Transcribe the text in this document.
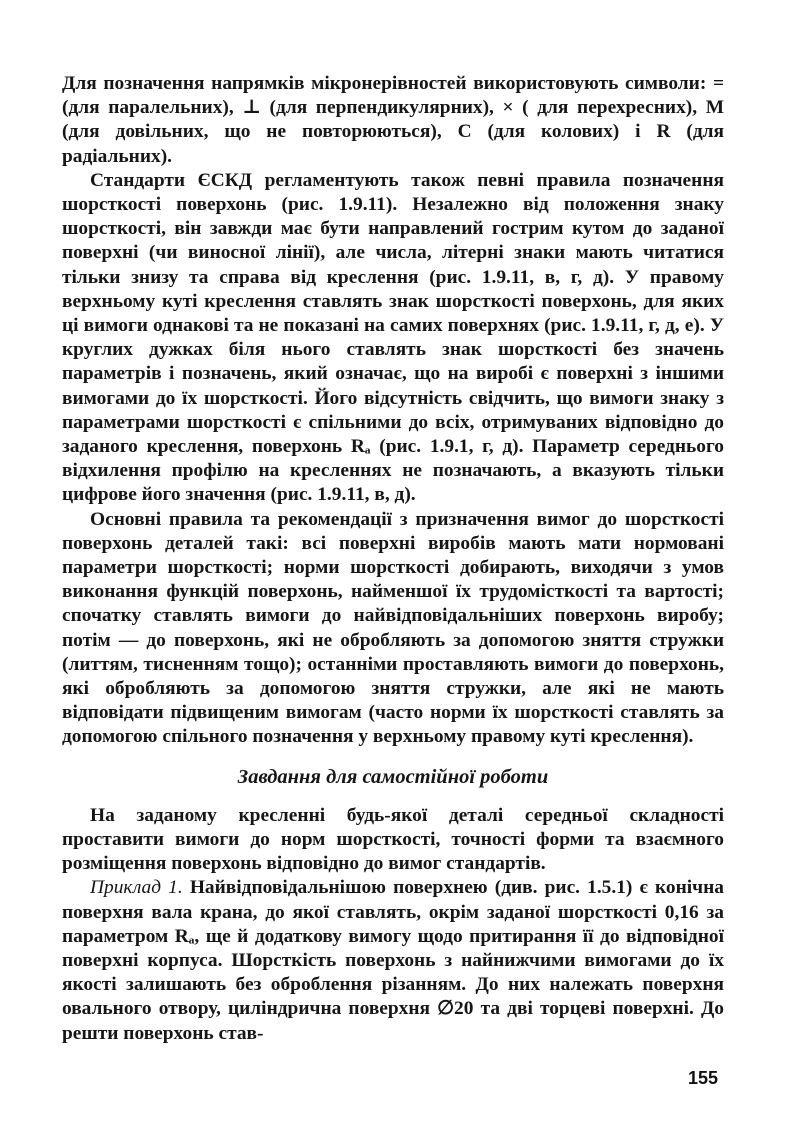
Для позначення напрямків мікронерівностей використовують символи: = (для паралельних), ⊥ (для перпендикулярних), × ( для перехресних), M (для довільних, що не повторюються), C (для колових) і R (для радіальних).

Стандарти ЄСКД регламентують також певні правила позначення шорсткості поверхонь (рис. 1.9.11). Незалежно від положення знаку шорсткості, він завжди має бути направлений гострим кутом до заданої поверхні (чи виносної лінії), але числа, літерні знаки мають читатися тільки знизу та справа від креслення (рис. 1.9.11, в, г, д). У правому верхньому куті креслення ставлять знак шорсткості поверхонь, для яких ці вимоги однакові та не показані на самих поверхнях (рис. 1.9.11, г, д, е). У круглих дужках біля нього ставлять знак шорсткості без значень параметрів і позначень, який означає, що на виробі є поверхні з іншими вимогами до їх шорсткості. Його відсутність свідчить, що вимоги знаку з параметрами шорсткості є спільними до всіх, отримуваних відповідно до заданого креслення, поверхонь Rₐ (рис. 1.9.1, г, д). Параметр середнього відхилення профілю на кресленнях не позначають, а вказують тільки цифрове його значення (рис. 1.9.11, в, д).

Основні правила та рекомендації з призначення вимог до шорсткості поверхонь деталей такі: всі поверхні виробів мають мати нормовані параметри шорсткості; норми шорсткості добирають, виходячи з умов виконання функцій поверхонь, найменшої їх трудомісткості та вартості; спочатку ставлять вимоги до найвідповідальніших поверхонь виробу; потім — до поверхонь, які не обробляють за допомогою зняття стружки (литтям, тисненням тощо); останніми проставляють вимоги до поверхонь, які обробляють за допомогою зняття стружки, але які не мають відповідати підвищеним вимогам (часто норми їх шорсткості ставлять за допомогою спільного позначення у верхньому правому куті креслення).

Завдання для самостійної роботи

На заданому кресленні будь-якої деталі середньої складності проставити вимоги до норм шорсткості, точності форми та взаємного розміщення поверхонь відповідно до вимог стандартів.

Приклад 1. Найвідповідальнішою поверхнею (див. рис. 1.5.1) є конічна поверхня вала крана, до якої ставлять, окрім заданої шорсткості 0,16 за параметром Rₐ, ще й додаткову вимогу щодо притирання її до відповідної поверхні корпуса. Шорсткість поверхонь з найнижчими вимогами до їх якості залишають без оброблення різанням. До них належать поверхня овального отвору, циліндрична поверхня ∅20 та дві торцеві поверхні. До решти поверхонь став-

155
